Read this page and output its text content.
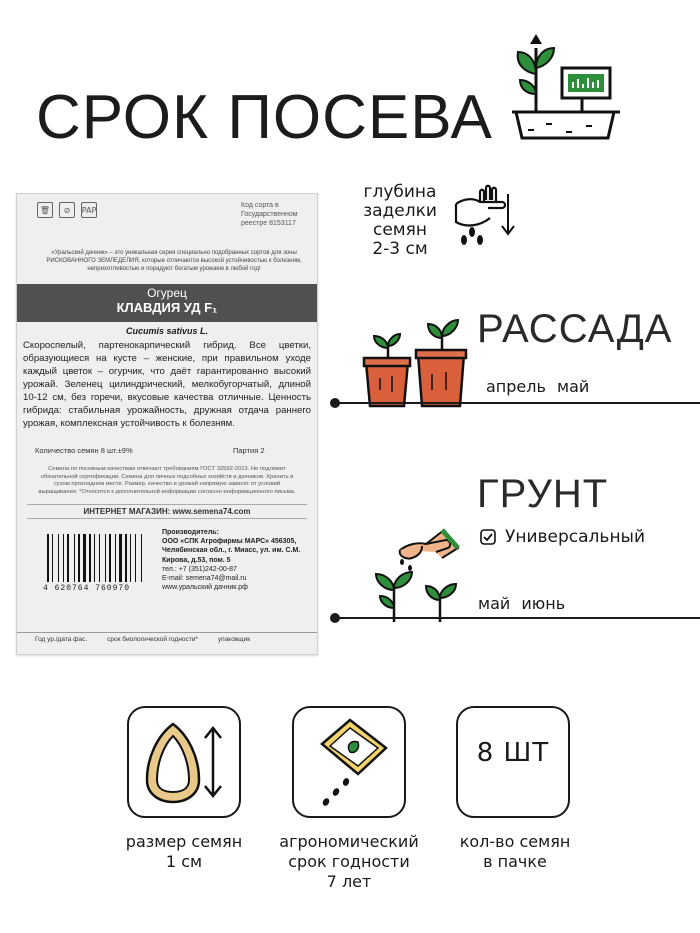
СРОК ПОСЕВА
🗑	⊘	PAP	Код сорта в Государственном реестре 8153117
«Уральский дачник» – это уникальная серия специально подобранных сортов для зоны РИСКОВАННОГО ЗЕМЛЕДЕЛИЯ, которые отличаются высокой устойчивостью к болезням, неприхотливостью и порадуют богатым урожаем в любой год!
Огурец
КЛАВДИЯ УД F₁
Cucumis sativus L.
Скороспелый, партенокарпический гибрид. Все цветки, образующиеся на кусте – женские, при правильном уходе каждый цветок – огурчик, что даёт гарантированно высокий урожай. Зеленец цилиндрический, мелкобугорчатый, длиной 10-12 см, без горечи, вкусовые качества отличные. Ценность гибрида: стабильная урожайность, дружная отдача раннего урожая, комплексная устойчивость к болезням.
Количество семян 8 шт.±9%	Партия 2
Семена по посевным качествам отвечают требованиям ГОСТ 32592-2013. Не подлежит обязательной сертификации. Семена для личных подсобных хозяйств и дачников. Хранить в сухом прохладном месте. Размер, качество и урожай напрямую зависят от условий выращивания. *Относится к дополнительной информации согласно информационного письма.
ИНТЕРНЕТ МАГАЗИН: www.semena74.com
4 620764 760970
Производитель:
ООО «СПК Агрофирмы МАРС» 456305, Челябинская обл., г. Миасс, ул. им. С.М. Кирова, д.53, пом. 5
тел.: +7 (351)242-00-87
E-mail: semena74@mail.ru
www.уральский дачник.рф
Год ур./дата фас.	срок биологической годности*	упаковщик
глубина
заделки
семян
2-3 см
РАССАДА
апрель май
ГРУНТ
Универсальный
май июнь
размер семян
1 см
агрономический
срок годности
7 лет
8 ШТ
кол-во семян
в пачке
